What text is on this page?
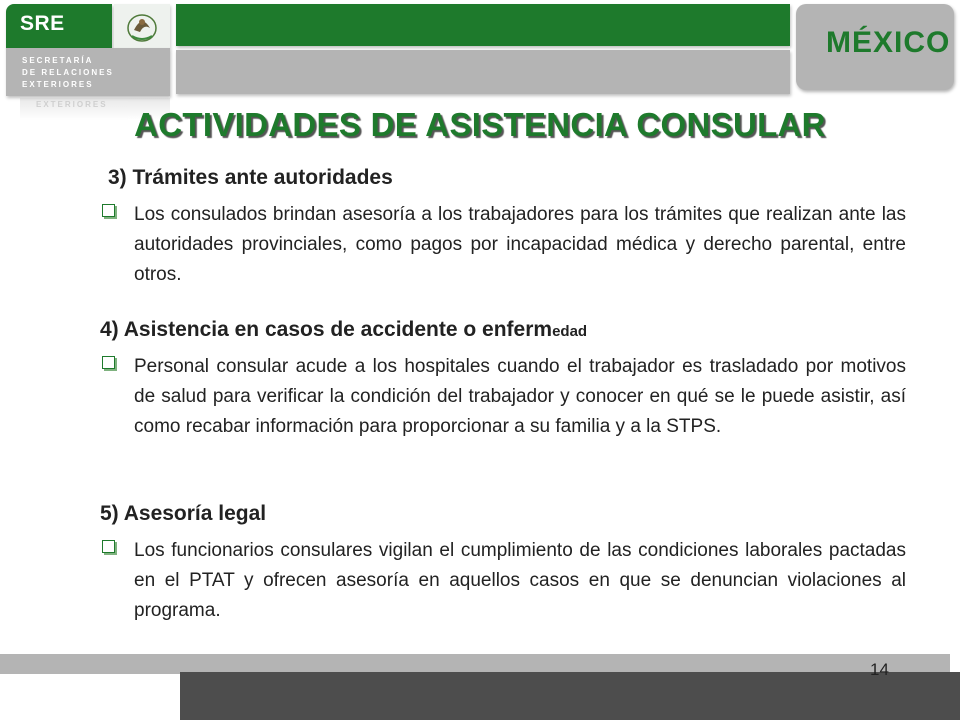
SRE
SECRETARÍA
DE RELACIONES
EXTERIORES
EXTERIORES
MÉXICO
ACTIVIDADES DE ASISTENCIA CONSULAR
3) Trámites ante autoridades

Los consulados brindan asesoría a los trabajadores para los trámites que realizan ante las autoridades provinciales, como pagos por incapacidad médica y derecho parental, entre otros.

4) Asistencia en casos de accidente o enfermedad

Personal consular acude a los hospitales cuando el trabajador es trasladado por motivos de salud para verificar la condición del trabajador y conocer en qué se le puede asistir, así como recabar información para proporcionar a su familia y a la STPS.

5) Asesoría legal

Los funcionarios consulares vigilan el cumplimiento de las condiciones laborales pactadas en el PTAT y ofrecen asesoría en aquellos casos en que se denuncian violaciones al programa.

14
